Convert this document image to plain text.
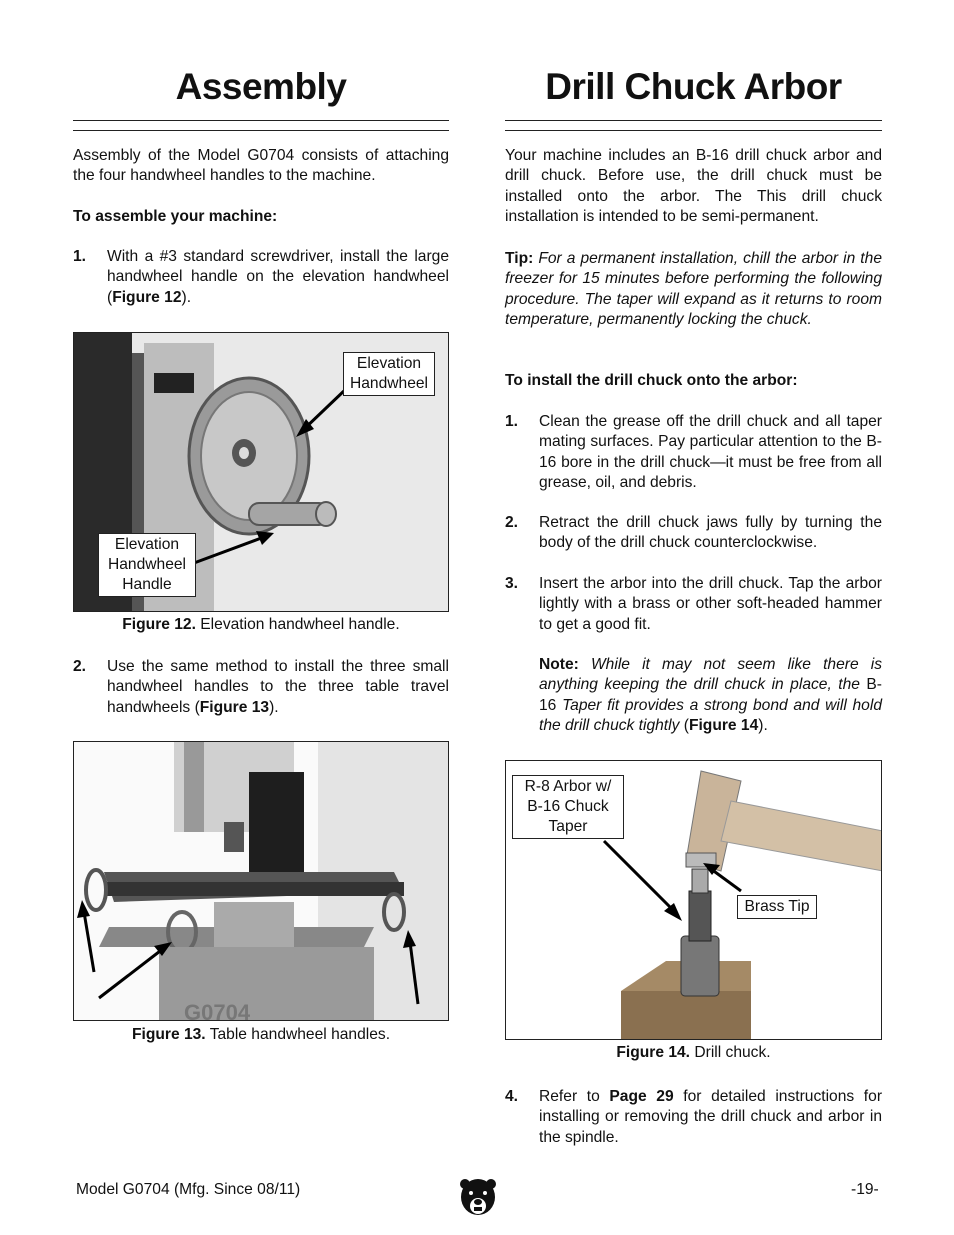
Assembly

Assembly of the Model G0704 consists of attaching the four handwheel handles to the machine.

To assemble your machine:

1.	With a #3 standard screwdriver, install the large handwheel handle on the elevation handwheel (Figure 12).
Elevation Handwheel
Elevation Handwheel Handle
Figure 12. Elevation handwheel handle.
2.	Use the same method to install the three small handwheel handles to the three table travel handwheels (Figure 13).
G0704
Figure 13. Table handwheel handles.
Drill Chuck Arbor

Your machine includes an B-16 drill chuck arbor and drill chuck. Before use, the drill chuck must be installed onto the arbor. The This drill chuck installation is intended to be semi-permanent.

Tip: For a permanent installation, chill the arbor in the freezer for 15 minutes before performing the following procedure. The taper will expand as it returns to room temperature, permanently locking the chuck.

To install the drill chuck onto the arbor:

1.	Clean the grease off the drill chuck and all taper mating surfaces. Pay particular attention to the B-16 bore in the drill chuck—it must be free from all grease, oil, and debris.
2.	Retract the drill chuck jaws fully by turning the body of the drill chuck counterclockwise.
3.	Insert the arbor into the drill chuck. Tap the arbor lightly with a brass or other soft-headed hammer to get a good fit.
Note: While it may not seem like there is anything keeping the drill chuck in place, the B-16 Taper fit provides a strong bond and will hold the drill chuck tightly (Figure 14).
R-8 Arbor w/ B-16 Chuck Taper
Brass Tip
Figure 14. Drill chuck.
4.	Refer to Page 29 for detailed instructions for installing or removing the drill chuck and arbor in the spindle.
Model G0704 (Mfg. Since 08/11)	-19-
